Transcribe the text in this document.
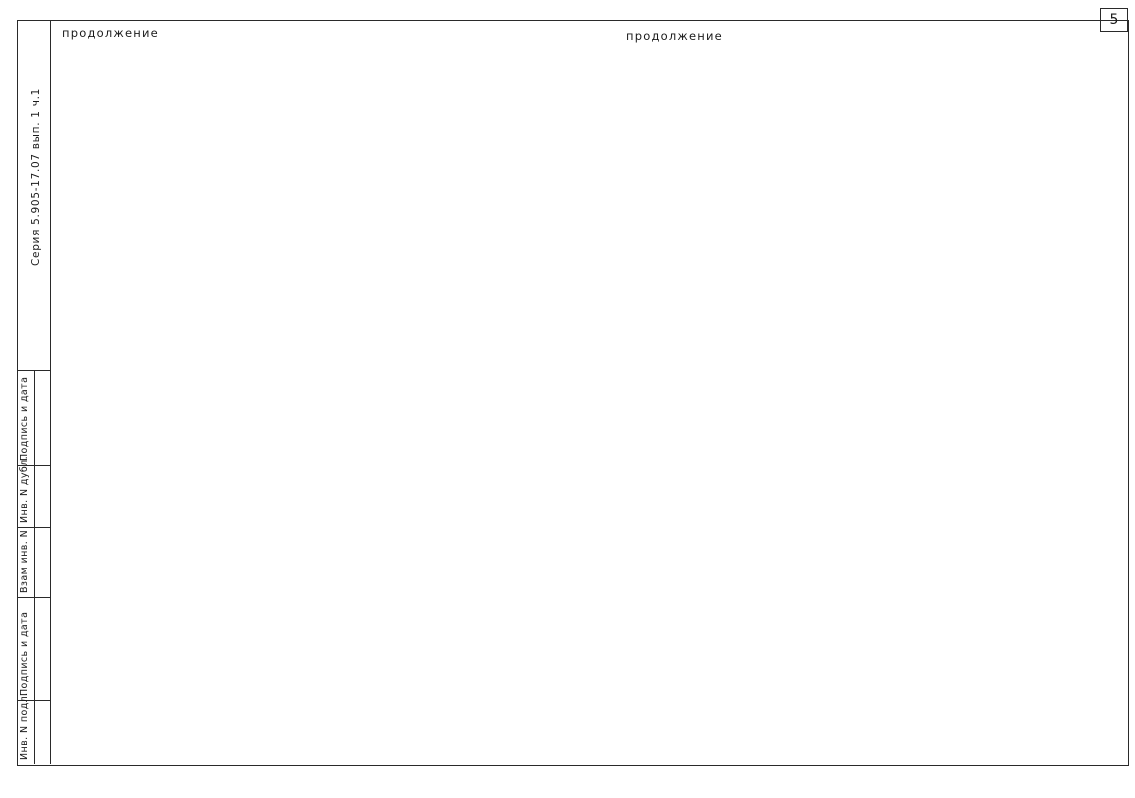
5
Серия 5.905-17.07 вып. 1 ч.1
Подпись и дата
Инв. N дубл.
Взам инв. N
Подпись и дата
Инв. N подл.
продолжение	продолжение
